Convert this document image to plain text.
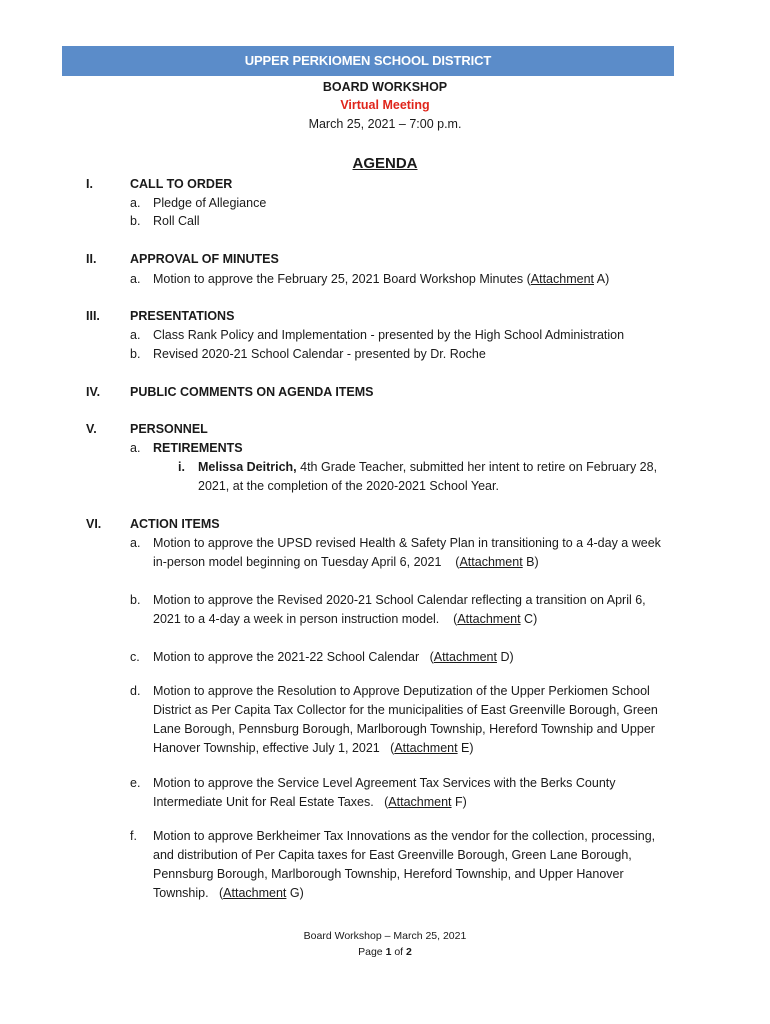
UPPER PERKIOMEN SCHOOL DISTRICT
BOARD WORKSHOP
Virtual Meeting
March 25, 2021 – 7:00 p.m.
AGENDA
I.	CALL TO ORDER
a. Pledge of Allegiance
b. Roll Call
II.	APPROVAL OF MINUTES
a. Motion to approve the February 25, 2021 Board Workshop Minutes (Attachment A)
III. PRESENTATIONS
a. Class Rank Policy and Implementation - presented by the High School Administration
b. Revised 2020-21 School Calendar - presented by Dr. Roche
IV. PUBLIC COMMENTS ON AGENDA ITEMS
V.	PERSONNEL
a. RETIREMENTS
i. Melissa Deitrich, 4th Grade Teacher, submitted her intent to retire on February 28,
2021, at the completion of the 2020-2021 School Year.
VI. ACTION ITEMS
a. Motion to approve the UPSD revised Health & Safety Plan in transitioning to a 4-day a week
in-person model beginning on Tuesday April 6, 2021    (Attachment B)
b. Motion to approve the Revised 2020-21 School Calendar reflecting a transition on April 6,
2021 to a 4-day a week in person instruction model.    (Attachment C)
c. Motion to approve the 2021-22 School Calendar   (Attachment D)
d. Motion to approve the Resolution to Approve Deputization of the Upper Perkiomen School
District as Per Capita Tax Collector for the municipalities of East Greenville Borough, Green
Lane Borough, Pennsburg Borough, Marlborough Township, Hereford Township and Upper
Hanover Township, effective July 1, 2021   (Attachment E)
e. Motion to approve the Service Level Agreement Tax Services with the Berks County
Intermediate Unit for Real Estate Taxes.   (Attachment F)
f. Motion to approve Berkheimer Tax Innovations as the vendor for the collection, processing,
and distribution of Per Capita taxes for East Greenville Borough, Green Lane Borough,
Pennsburg Borough, Marlborough Township, Hereford Township, and Upper Hanover
Township.   (Attachment G)
Board Workshop – March 25, 2021
Page 1 of 2
